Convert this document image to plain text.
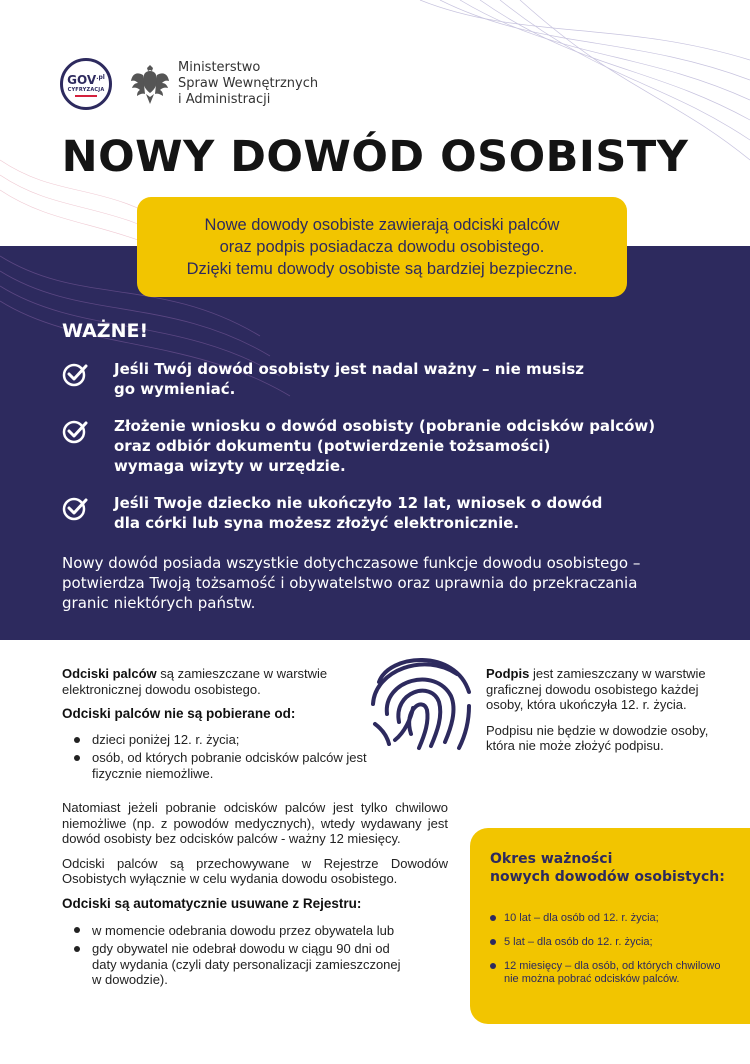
$GOV^{.pl}$
CYFRYZACJA
Ministerstwo
Spraw Wewnętrznych
i Administracji
NOWY DOWÓD OSOBISTY

Nowe dowody osobiste zawierają odciski palców

oraz podpis posiadacza dowodu osobistego.

Dzięki temu dowody osobiste są bardziej bezpieczne.

WAŻNE!
Jeśli Twój dowód osobisty jest nadal ważny – nie musisz
go wymieniać.
Złożenie wniosku o dowód osobisty (pobranie odcisków palców)
oraz odbiór dokumentu (potwierdzenie tożsamości)
wymaga wizyty w urzędzie.
Jeśli Twoje dziecko nie ukończyło 12 lat, wniosek o dowód
dla córki lub syna możesz złożyć elektronicznie.
Nowy dowód posiada wszystkie dotychczasowe funkcje dowodu osobistego –
potwierdza Twoją tożsamość i obywatelstwo oraz uprawnia do przekraczania
granic niektórych państw.

Odciski palców są zamieszczane w warstwie elektronicznej dowodu osobistego.

Odciski palców nie są pobierane od:

dzieci poniżej 12. r. życia;
osób, od których pobranie odcisków palców jest fizycznie niemożliwe.

Natomiast jeżeli pobranie odcisków palców jest tylko chwilowo niemożliwe (np. z powodów medycznych), wtedy wydawany jest dowód osobisty bez odcisków palców - ważny 12 miesięcy.

Odciski palców są przechowywane w Rejestrze Dowodów Osobistych wyłącznie w celu wydania dowodu osobistego.

Odciski są automatycznie usuwane z Rejestru:

w momencie odebrania dowodu przez obywatela lub
gdy obywatel nie odebrał dowodu w ciągu 90 dni od daty wydania (czyli daty personalizacji zamieszczonej w dowodzie).

Podpis jest zamieszczany w warstwie graficznej dowodu osobistego każdej osoby, która ukończyła 12. r. życia.

Podpisu nie będzie w dowodzie osoby, która nie może złożyć podpisu.

Okres ważności
nowych dowodów osobistych:
10 lat – dla osób od 12. r. życia;
5 lat – dla osób do 12. r. życia;
12 miesięcy – dla osób, od których chwilowo nie można pobrać odcisków palców.
